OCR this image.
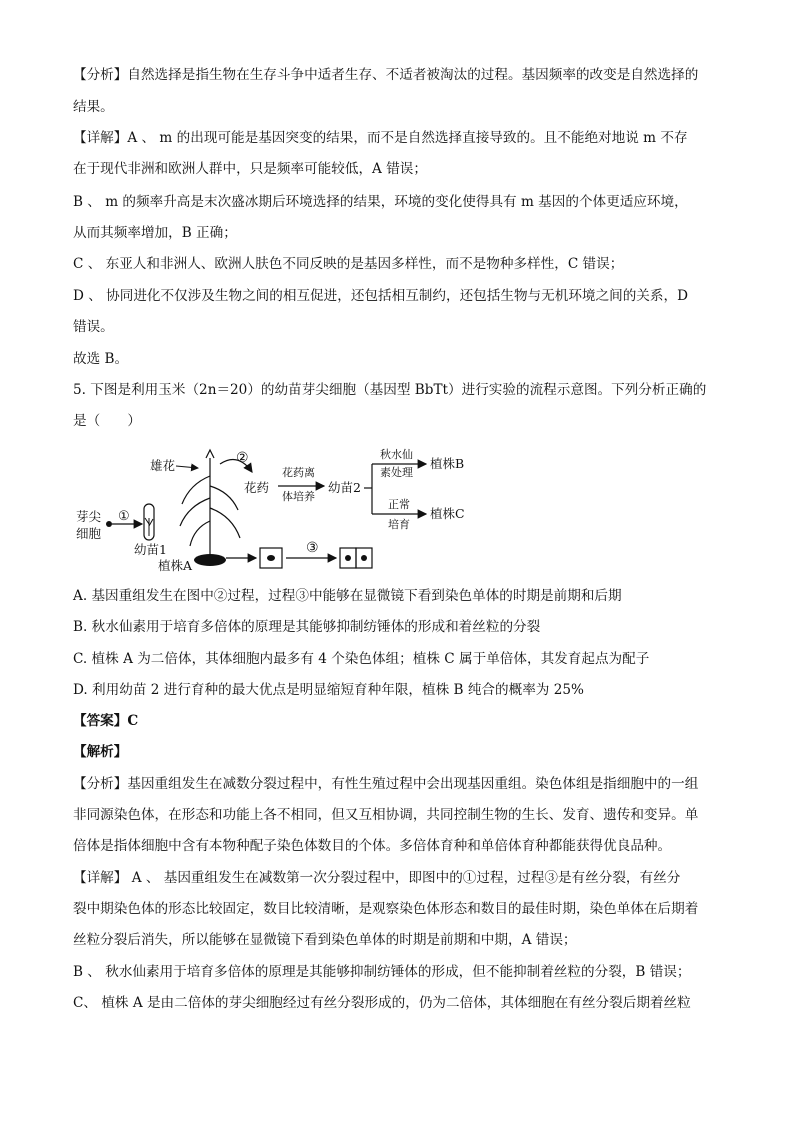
【分析】自然选择是指生物在生存斗争中适者生存、不适者被淘汰的过程。基因频率的改变是自然选择的
结果。
【详解】A 、 m 的出现可能是基因突变的结果，而不是自然选择直接导致的。且不能绝对地说 m 不存
在于现代非洲和欧洲人群中，只是频率可能较低，A 错误；
B 、 m 的频率升高是末次盛冰期后环境选择的结果，环境的变化使得具有 m 基因的个体更适应环境，
从而其频率增加，B 正确；
C 、 东亚人和非洲人、欧洲人肤色不同反映的是基因多样性，而不是物种多样性，C 错误；
D 、 协同进化不仅涉及生物之间的相互促进，还包括相互制约，还包括生物与无机环境之间的关系，D
错误。
故选 B。
5. 下图是利用玉米（2n＝20）的幼苗芽尖细胞（基因型 BbTt）进行实验的流程示意图。下列分析正确的
是（　　）
芽尖
细胞
①
幼苗1
雄花
植株A
②
花药
花药离
体培养
幼苗2
秋水仙
素处理
植株B
正常
培育
植株C
③
A. 基因重组发生在图中②过程，过程③中能够在显微镜下看到染色单体的时期是前期和后期
B. 秋水仙素用于培育多倍体的原理是其能够抑制纺锤体的形成和着丝粒的分裂
C. 植株 A 为二倍体，其体细胞内最多有 4 个染色体组；植株 C 属于单倍体，其发育起点为配子
D. 利用幼苗 2 进行育种的最大优点是明显缩短育种年限，植株 B 纯合的概率为 25%
【答案】C
【解析】
【分析】基因重组发生在减数分裂过程中，有性生殖过程中会出现基因重组。染色体组是指细胞中的一组
非同源染色体，在形态和功能上各不相同，但又互相协调，共同控制生物的生长、发育、遗传和变异。单
倍体是指体细胞中含有本物种配子染色体数目的个体。多倍体育种和单倍体育种都能获得优良品种。
【详解】 A 、 基因重组发生在减数第一次分裂过程中，即图中的①过程，过程③是有丝分裂，有丝分
裂中期染色体的形态比较固定，数目比较清晰，是观察染色体形态和数目的最佳时期，染色单体在后期着
丝粒分裂后消失，所以能够在显微镜下看到染色单体的时期是前期和中期，A 错误；
B 、 秋水仙素用于培育多倍体的原理是其能够抑制纺锤体的形成，但不能抑制着丝粒的分裂，B 错误；
C、 植株 A 是由二倍体的芽尖细胞经过有丝分裂形成的，仍为二倍体，其体细胞在有丝分裂后期着丝粒
